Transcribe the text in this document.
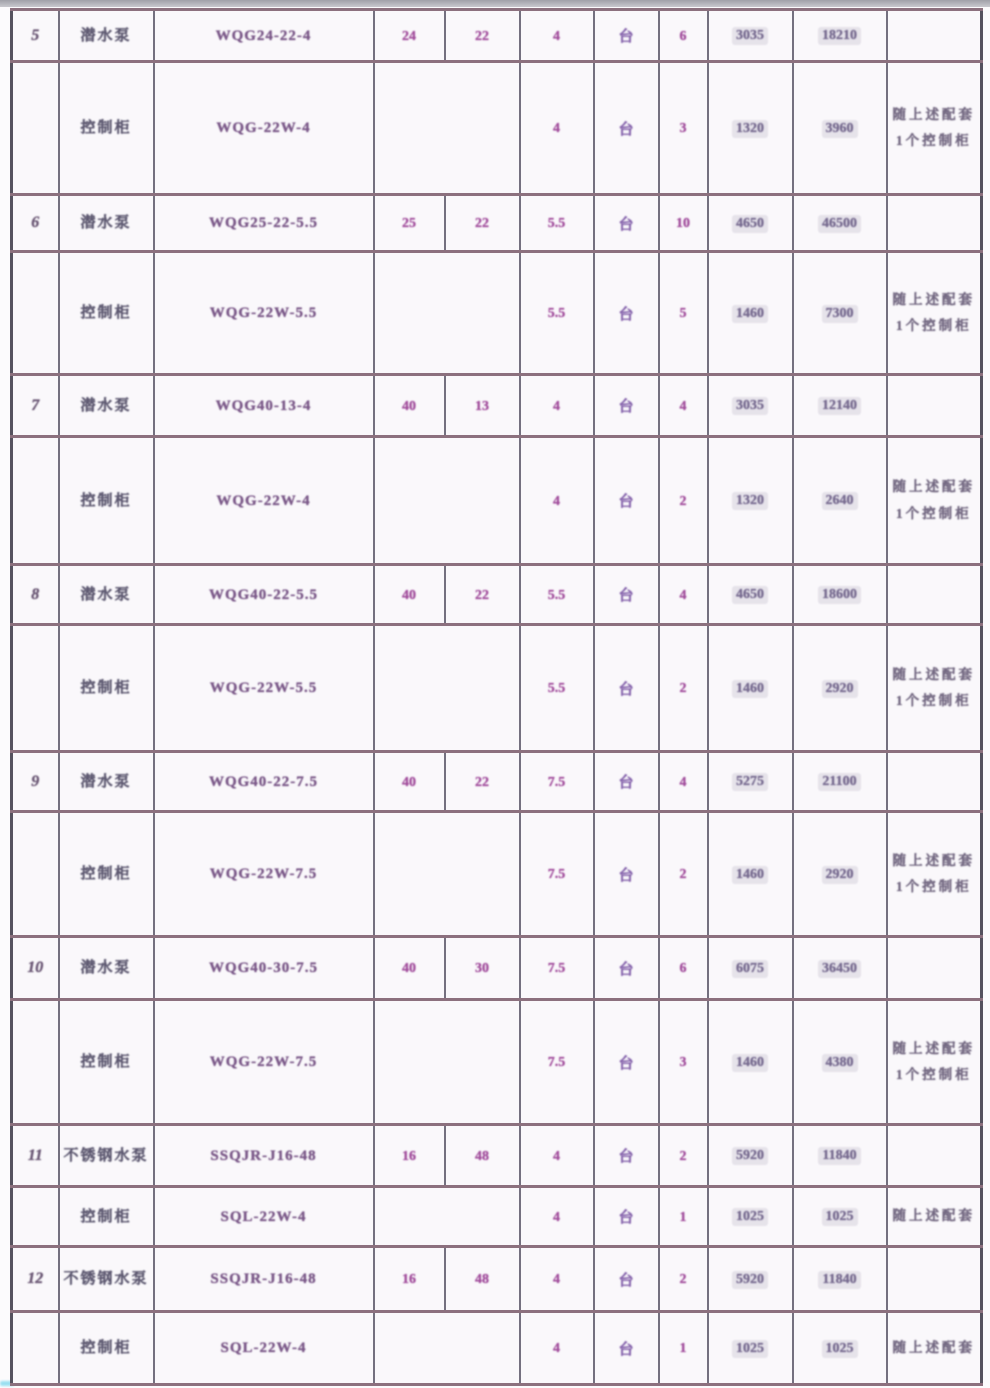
5	潜水泵	WQG24-22-4	24	22	4	台	6	3035	18210	
	控制柜	WQG-22W-4			4	台	3	1320	3960	随上述配套1个控制柜
6	潜水泵	WQG25-22-5.5	25	22	5.5	台	10	4650	46500	
	控制柜	WQG-22W-5.5			5.5	台	5	1460	7300	随上述配套1个控制柜
7	潜水泵	WQG40-13-4	40	13	4	台	4	3035	12140	
	控制柜	WQG-22W-4			4	台	2	1320	2640	随上述配套1个控制柜
8	潜水泵	WQG40-22-5.5	40	22	5.5	台	4	4650	18600	
	控制柜	WQG-22W-5.5			5.5	台	2	1460	2920	随上述配套1个控制柜
9	潜水泵	WQG40-22-7.5	40	22	7.5	台	4	5275	21100	
	控制柜	WQG-22W-7.5			7.5	台	2	1460	2920	随上述配套1个控制柜
10	潜水泵	WQG40-30-7.5	40	30	7.5	台	6	6075	36450	
	控制柜	WQG-22W-7.5			7.5	台	3	1460	4380	随上述配套1个控制柜
11	不锈钢水泵	SSQJR-J16-48	16	48	4	台	2	5920	11840	
	控制柜	SQL-22W-4			4	台	1	1025	1025	随上述配套
12	不锈钢水泵	SSQJR-J16-48	16	48	4	台	2	5920	11840	
	控制柜	SQL-22W-4			4	台	1	1025	1025	随上述配套
